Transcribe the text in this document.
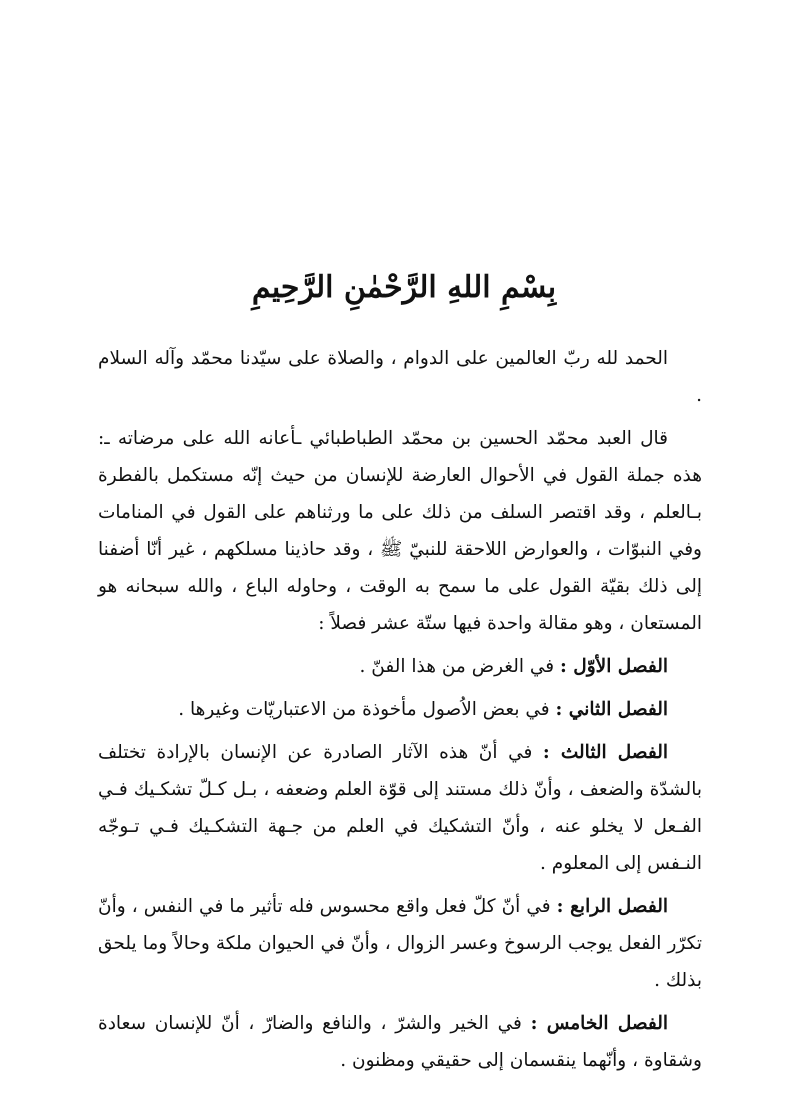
بِسْمِ اللهِ الرَّحْمٰنِ الرَّحِيمِ

الحمد لله ربّ العالمين على الدوام ، والصلاة على سيّدنا محمّد وآله السلام .

قال العبد محمّد الحسين بن محمّد الطباطبائي ـأعانه الله على مرضاته ـ: هذه جملة القول في الأحوال العارضة للإنسان من حيث إنّه مستكمل بالفطرة بـالعلم ، وقد اقتصر السلف من ذلك على ما ورثناهم على القول في المنامات وفي النبوّات ، والعوارض اللاحقة للنبيّ ﷺ ، وقد حاذينا مسلكهم ، غير أنّا أضفنا إلى ذلك بقيّة القول على ما سمح به الوقت ، وحاوله الباع ، والله سبحانه هو المستعان ، وهو مقالة واحدة فيها ستّة عشر فصلاً :

الفصل الأوّل : في الغرض من هذا الفنّ .

الفصل الثاني : في بعض الاُصول مأخوذة من الاعتباريّات وغيرها .

الفصل الثالث : في أنّ هذه الآثار الصادرة عن الإنسان بالإرادة تختلف بالشدّة والضعف ، وأنّ ذلك مستند إلى قوّة العلم وضعفه ، بـل كـلّ تشكـيك فـي الفـعل لا يخلو عنه ، وأنّ التشكيك في العلم من جـهة التشكـيك فـي تـوجّه النـفس إلى المعلوم .

الفصل الرابع : في أنّ كلّ فعل واقع محسوس فله تأثير ما في النفس ، وأنّ تكرّر الفعل يوجب الرسوخ وعسر الزوال ، وأنّ في الحيوان ملكة وحالاً وما يلحق بذلك .

الفصل الخامس : في الخير والشرّ ، والنافع والضارّ ، أنّ للإنسان سعادة وشقاوة ، وأنّهما ينقسمان إلى حقيقي ومظنون .
